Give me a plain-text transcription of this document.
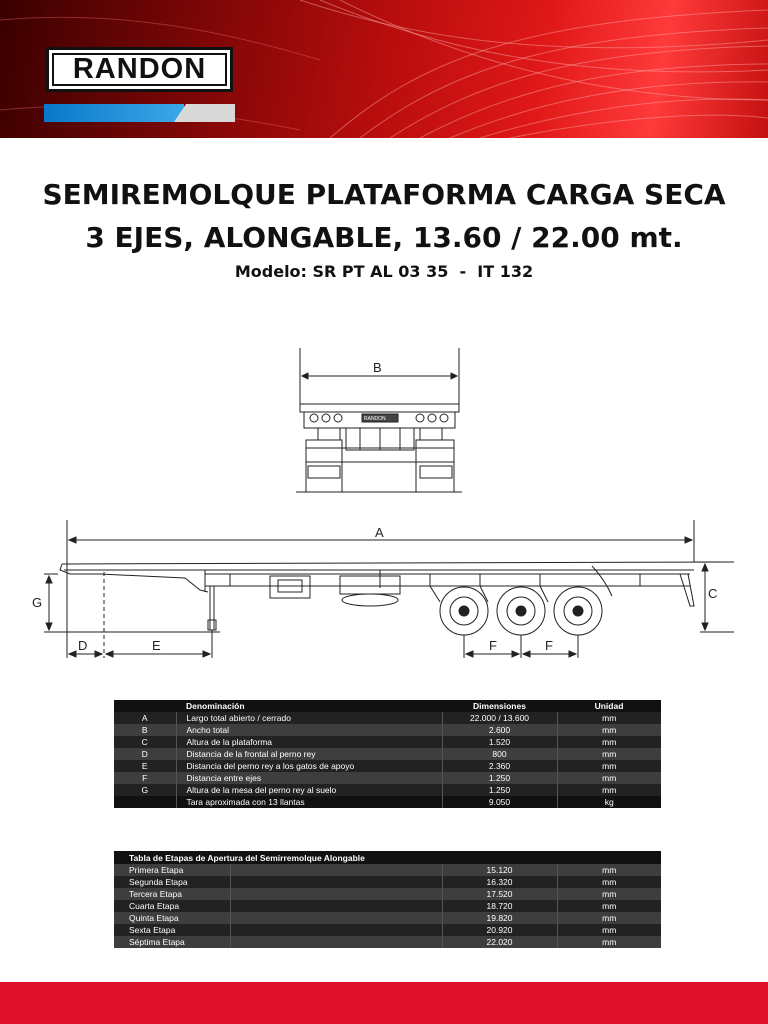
RANDON
SEMIREMOLQUE PLATAFORMA CARGA SECA
3 EJES, ALONGABLE, 13.60 / 22.00 mt.
Modelo: SR PT AL 03 35  -  IT 132
B
A
G
C
D	E	F	F
RANDON
	Denominación	Dimensiones	Unidad
A	Largo total abierto / cerrado	22.000 / 13.600	mm
B	Ancho total	2.600	mm
C	Altura de la plataforma	1.520	mm
D	Distancia de la frontal al perno rey	800	mm
E	Distancia del perno rey a los gatos de apoyo	2.360	mm
F	Distancia entre ejes	1.250	mm
G	Altura de la mesa del perno rey al suelo	1.250	mm
	Tara aproximada con 13 llantas	9.050	kg
Tabla de Etapas de Apertura del Semirremolque Alongable			
Primera Etapa		15.120	mm
Segunda Etapa		16.320	mm
Tercera Etapa		17.520	mm
Cuarta Etapa		18.720	mm
Quinta Etapa		19.820	mm
Sexta Etapa		20.920	mm
Séptima Etapa		22.020	mm
